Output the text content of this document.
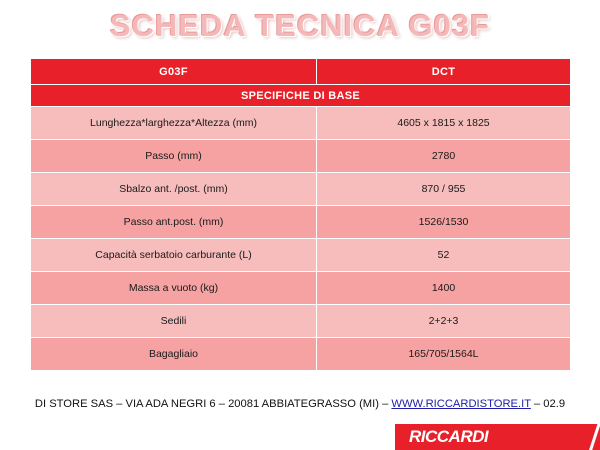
SCHEDA TECNICA G03F
G03F	DCT
SPECIFICHE DI BASE	
Lunghezza*larghezza*Altezza (mm)	4605 x 1815 x 1825
Passo (mm)	2780
Sbalzo ant. /post. (mm)	870 / 955
Passo ant.post. (mm)	1526/1530
Capacità serbatoio carburante (L)	52
Massa a vuoto (kg)	1400
Sedili	2+2+3
Bagagliaio	165/705/1564L
DI STORE SAS – VIA ADA NEGRI 6 – 20081 ABBIATEGRASSO (MI) – WWW.RICCARDISTORE.IT – 02.9
RICCARDI
